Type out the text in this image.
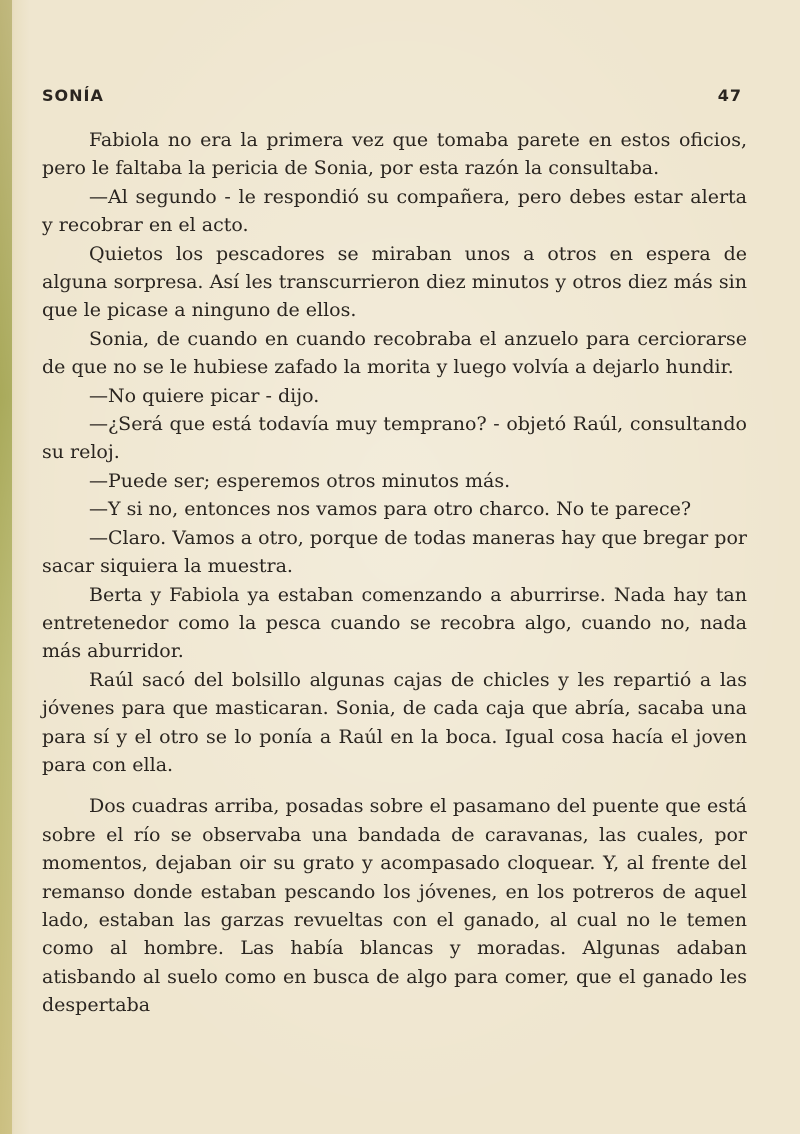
SONÍA	47

Fabiola no era la primera vez que tomaba parete en estos oficios, pero le faltaba la pericia de Sonia, por esta razón la consultaba.

—Al segundo - le respondió su compañera, pero debes estar alerta y recobrar en el acto.

Quietos los pescadores se miraban unos a otros en espera de alguna sorpresa. Así les transcurrieron diez minutos y otros diez más sin que le picase a ninguno de ellos.

Sonia, de cuando en cuando recobraba el anzuelo para cerciorarse de que no se le hubiese zafado la morita y luego volvía a dejarlo hundir.

—No quiere picar - dijo.

—¿Será que está todavía muy temprano? - objetó Raúl, consultando su reloj.

—Puede ser; esperemos otros minutos más.

—Y si no, entonces nos vamos para otro charco. No te parece?

—Claro. Vamos a otro, porque de todas maneras hay que bregar por sacar siquiera la muestra.

Berta y Fabiola ya estaban comenzando a aburrirse. Nada hay tan entretenedor como la pesca cuando se recobra algo, cuando no, nada más aburridor.

Raúl sacó del bolsillo algunas cajas de chicles y les repartió a las jóvenes para que masticaran. Sonia, de cada caja que abría, sacaba una para sí y el otro se lo ponía a Raúl en la boca. Igual cosa hacía el joven para con ella.

Dos cuadras arriba, posadas sobre el pasamano del puente que está sobre el río se observaba una bandada de caravanas, las cuales, por momentos, dejaban oir su grato y acompasado cloquear. Y, al frente del remanso donde estaban pescando los jóvenes, en los potreros de aquel lado, estaban las garzas revueltas con el ganado, al cual no le temen como al hombre. Las había blancas y moradas. Algunas adaban atisbando al suelo como en busca de algo para comer, que el ganado les despertaba
